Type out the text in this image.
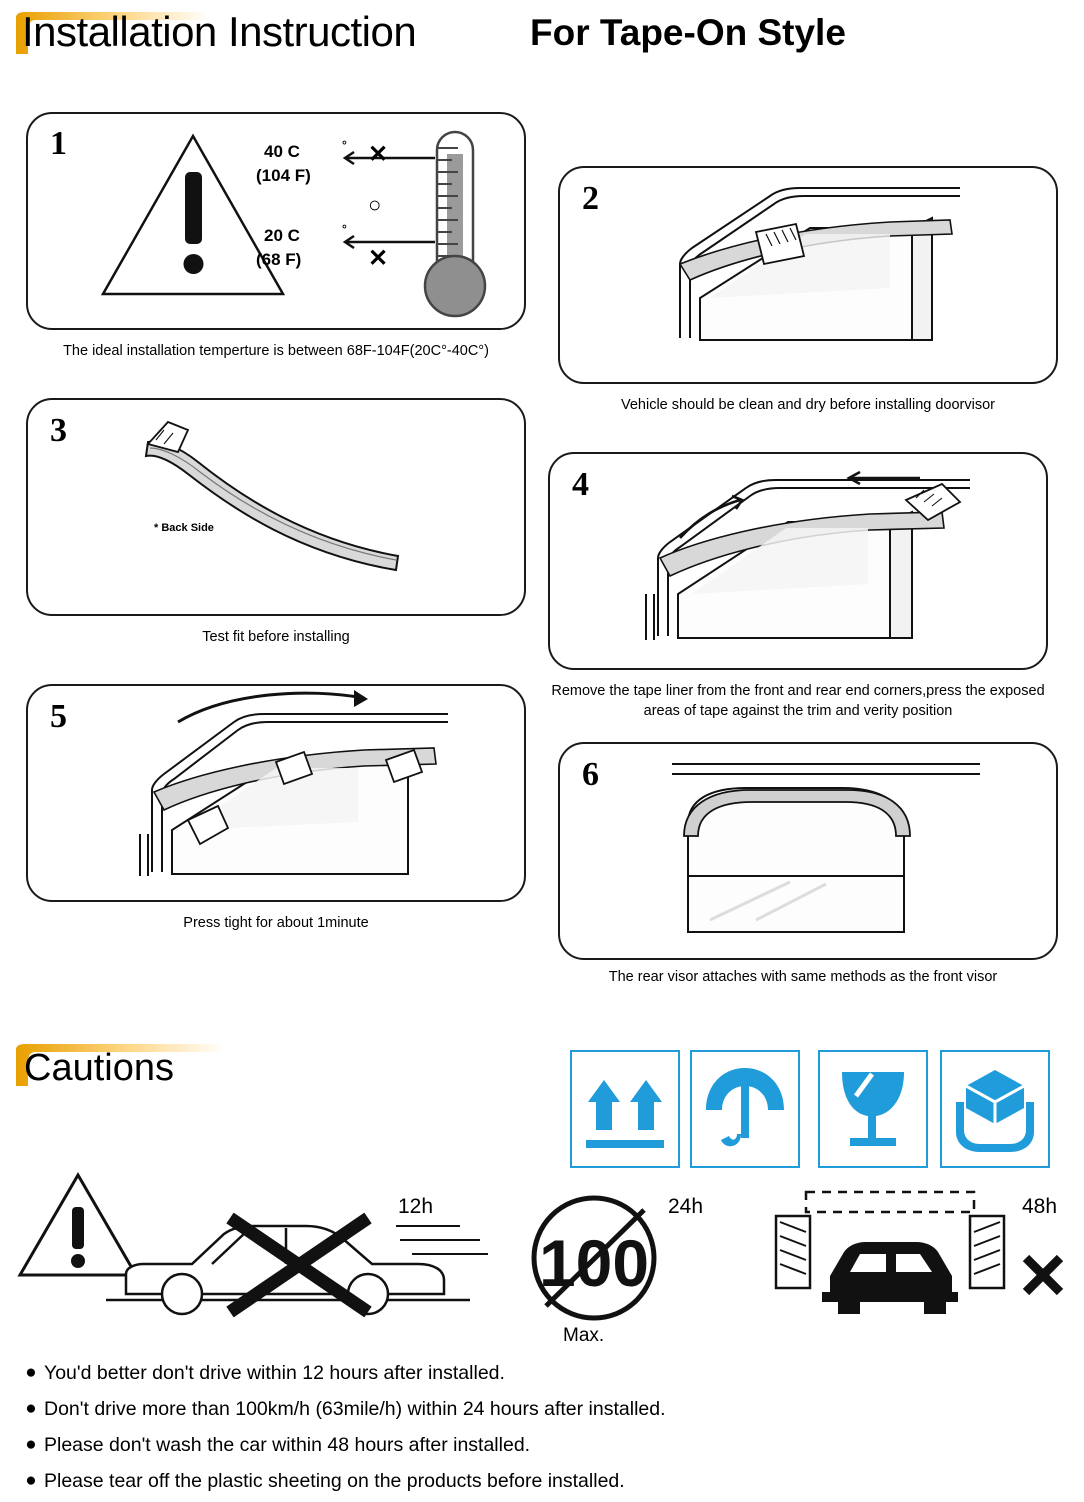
Installation Instruction	For Tape-On Style
40 C	°
(104 F)
20 C	°
(68 F)
✕
○
✕
1
The ideal installation temperture is between 68F-104F(20C°-40C°)
2
Vehicle should be clean and dry before installing doorvisor
* Back Side
3
Test fit before installing
4
Remove the tape liner from the front and rear end corners,press the exposed areas of tape against the trim and verity position
5
Press tight for about 1minute
6
The rear visor attaches with same methods as the front visor
Cautions
100
12h	24h	48h
Max.
● You'd better don't drive within 12 hours after installed.
● Don't drive more than 100km/h (63mile/h) within 24 hours after installed.
● Please don't wash the car within 48 hours after installed.
● Please tear off the plastic sheeting on the products before installed.
